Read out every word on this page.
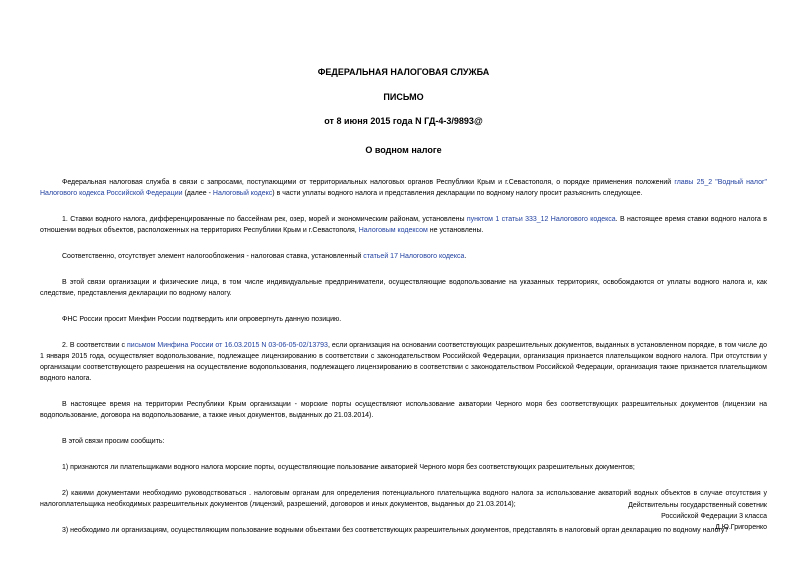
ФЕДЕРАЛЬНАЯ НАЛОГОВАЯ СЛУЖБА
ПИСЬМО
от 8 июня 2015 года N ГД-4-3/9893@
О водном налоге

Федеральная налоговая служба в связи с запросами, поступающими от территориальных налоговых органов Республики Крым и г.Севастополя, о порядке применения положений главы 25_2 "Водный налог" Налогового кодекса Российской Федерации (далее - Налоговый кодекс) в части уплаты водного налога и представления декларации по водному налогу просит разъяснить следующее.

1. Ставки водного налога, дифференцированные по бассейнам рек, озер, морей и экономическим районам, установлены пунктом 1 статьи 333_12 Налогового кодекса. В настоящее время ставки водного налога в отношении водных объектов, расположенных на территориях Республики Крым и г.Севастополя, Налоговым кодексом не установлены.

Соответственно, отсутствует элемент налогообложения - налоговая ставка, установленный статьей 17 Налогового кодекса.

В этой связи организации и физические лица, в том числе индивидуальные предприниматели, осуществляющие водопользование на указанных территориях, освобождаются от уплаты водного налога и, как следствие, представления декларации по водному налогу.

ФНС России просит Минфин России подтвердить или опровергнуть данную позицию.

2. В соответствии с письмом Минфина России от 16.03.2015 N 03-06-05-02/13793, если организация на основании соответствующих разрешительных документов, выданных в установленном порядке, в том числе до 1 января 2015 года, осуществляет водопользование, подлежащее лицензированию в соответствии с законодательством Российской Федерации, организация признается плательщиком водного налога. При отсутствии у организации соответствующего разрешения на осуществление водопользования, подлежащего лицензированию в соответствии с законодательством Российской Федерации, организация также признается плательщиком водного налога.

В настоящее время на территории Республики Крым организации - морские порты осуществляют использование акватории Черного моря без соответствующих разрешительных документов (лицензии на водопользование, договора на водопользование, а также иных документов, выданных до 21.03.2014).

В этой связи просим сообщить:

1) признаются ли плательщиками водного налога морские порты, осуществляющие пользование акваторией Черного моря без соответствующих разрешительных документов;

2) какими документами необходимо руководствоваться . налоговым органам для определения потенциального плательщика водного налога за использование акваторий водных объектов в случае отсутствия у налогоплательщика необходимых разрешительных документов (лицензий, разрешений, договоров и иных документов, выданных до 21.03.2014);

3) необходимо ли организациям, осуществляющим пользование водными объектами без соответствующих разрешительных документов, представлять в налоговый орган декларацию по водному налогу?

Действительны государственный советник
Российской Федерации 3 класса
Д.Ю.Григоренко
